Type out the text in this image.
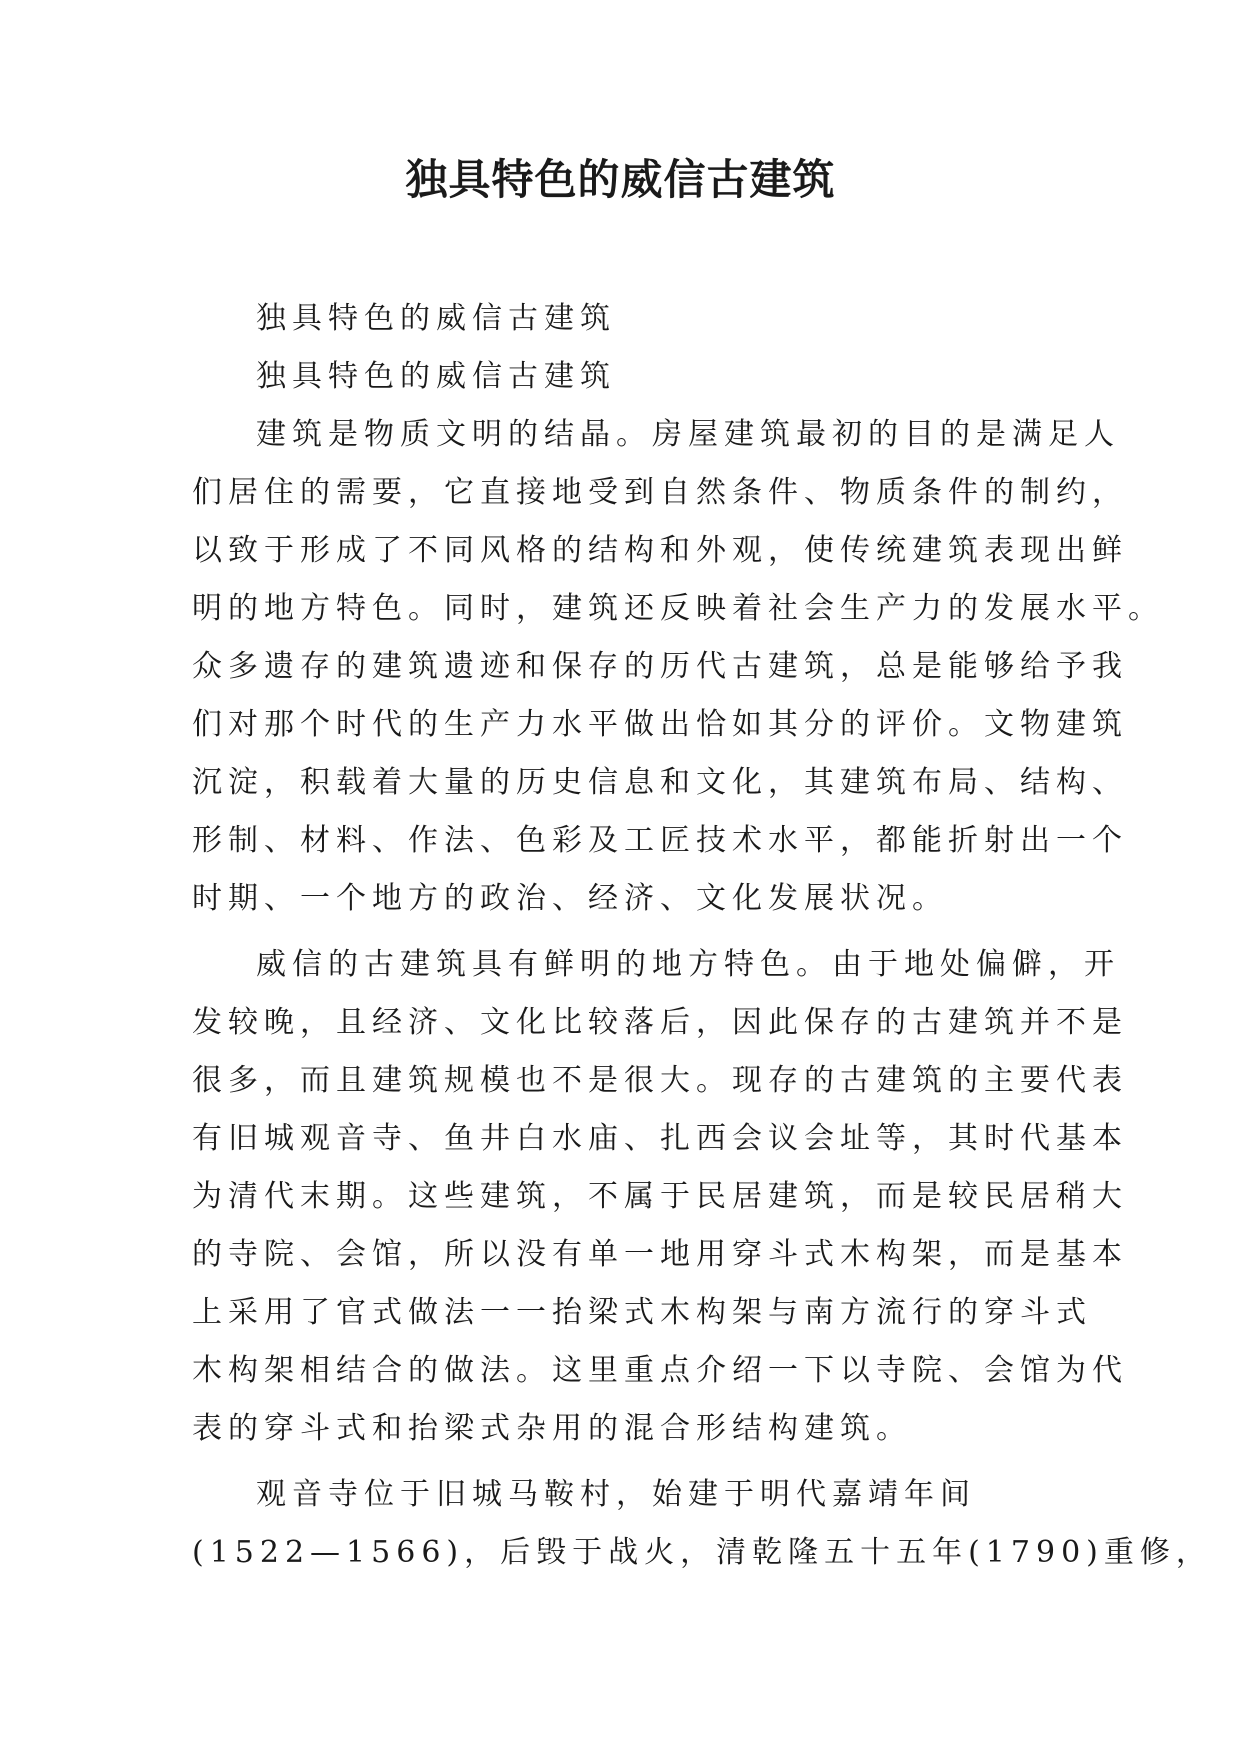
独具特色的威信古建筑
独具特色的威信古建筑
独具特色的威信古建筑
建筑是物质文明的结晶。房屋建筑最初的目的是满足人
们居住的需要，它直接地受到自然条件、物质条件的制约，
以致于形成了不同风格的结构和外观，使传统建筑表现出鲜
明的地方特色。同时，建筑还反映着社会生产力的发展水平。
众多遗存的建筑遗迹和保存的历代古建筑，总是能够给予我
们对那个时代的生产力水平做出恰如其分的评价。文物建筑
沉淀，积载着大量的历史信息和文化，其建筑布局、结构、
形制、材料、作法、色彩及工匠技术水平，都能折射出一个
时期、一个地方的政治、经济、文化发展状况。
威信的古建筑具有鲜明的地方特色。由于地处偏僻，开
发较晚，且经济、文化比较落后，因此保存的古建筑并不是
很多，而且建筑规模也不是很大。现存的古建筑的主要代表
有旧城观音寺、鱼井白水庙、扎西会议会址等，其时代基本
为清代末期。这些建筑，不属于民居建筑，而是较民居稍大
的寺院、会馆，所以没有单一地用穿斗式木构架，而是基本
上采用了官式做法一一抬梁式木构架与南方流行的穿斗式
木构架相结合的做法。这里重点介绍一下以寺院、会馆为代
表的穿斗式和抬梁式杂用的混合形结构建筑。
观音寺位于旧城马鞍村，始建于明代嘉靖年间
(1522—1566)，后毁于战火，清乾隆五十五年(1790)重修，
